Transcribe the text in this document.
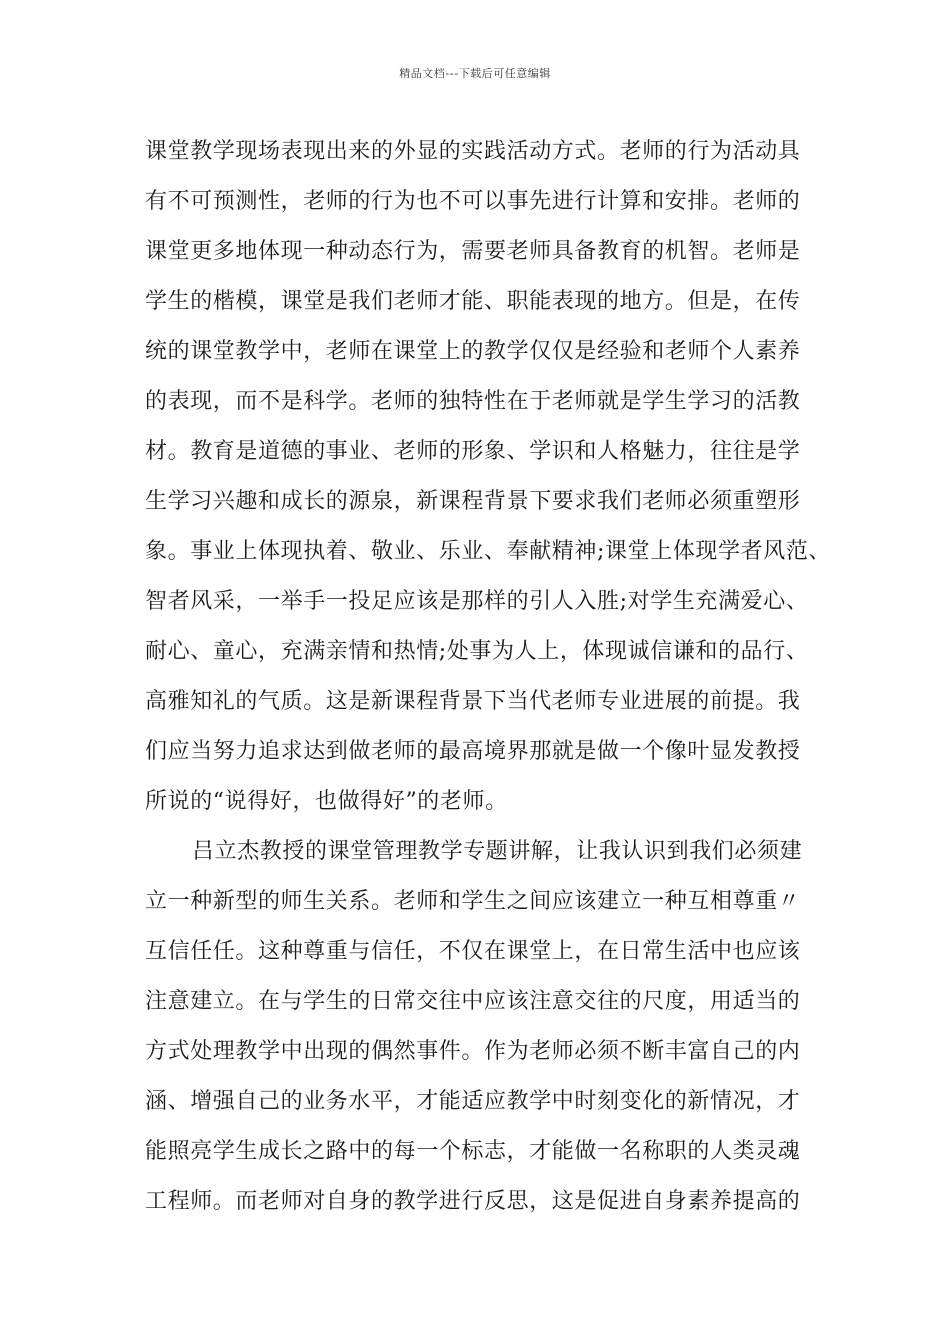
精品文档---下载后可任意编辑
课堂教学现场表现出来的外显的实践活动方式。老师的行为活动具
有不可预测性，老师的行为也不可以事先进行计算和安排。老师的
课堂更多地体现一种动态行为，需要老师具备教育的机智。老师是
学生的楷模，课堂是我们老师才能、职能表现的地方。但是，在传
统的课堂教学中，老师在课堂上的教学仅仅是经验和老师个人素养
的表现，而不是科学。老师的独特性在于老师就是学生学习的活教
材。教育是道德的事业、老师的形象、学识和人格魅力，往往是学
生学习兴趣和成长的源泉，新课程背景下要求我们老师必须重塑形
象。事业上体现执着、敬业、乐业、奉献精神;课堂上体现学者风范、
智者风采，一举手一投足应该是那样的引人入胜;对学生充满爱心、
耐心、童心，充满亲情和热情;处事为人上，体现诚信谦和的品行、
高雅知礼的气质。这是新课程背景下当代老师专业进展的前提。我
们应当努力追求达到做老师的最高境界那就是做一个像叶显发教授
所说的“说得好，也做得好”的老师。
吕立杰教授的课堂管理教学专题讲解，让我认识到我们必须建
立一种新型的师生关系。老师和学生之间应该建立一种互相尊重〃
互信任任。这种尊重与信任，不仅在课堂上，在日常生活中也应该
注意建立。在与学生的日常交往中应该注意交往的尺度，用适当的
方式处理教学中出现的偶然事件。作为老师必须不断丰富自己的内
涵、增强自己的业务水平，才能适应教学中时刻变化的新情况，才
能照亮学生成长之路中的每一个标志，才能做一名称职的人类灵魂
工程师。而老师对自身的教学进行反思，这是促进自身素养提高的
